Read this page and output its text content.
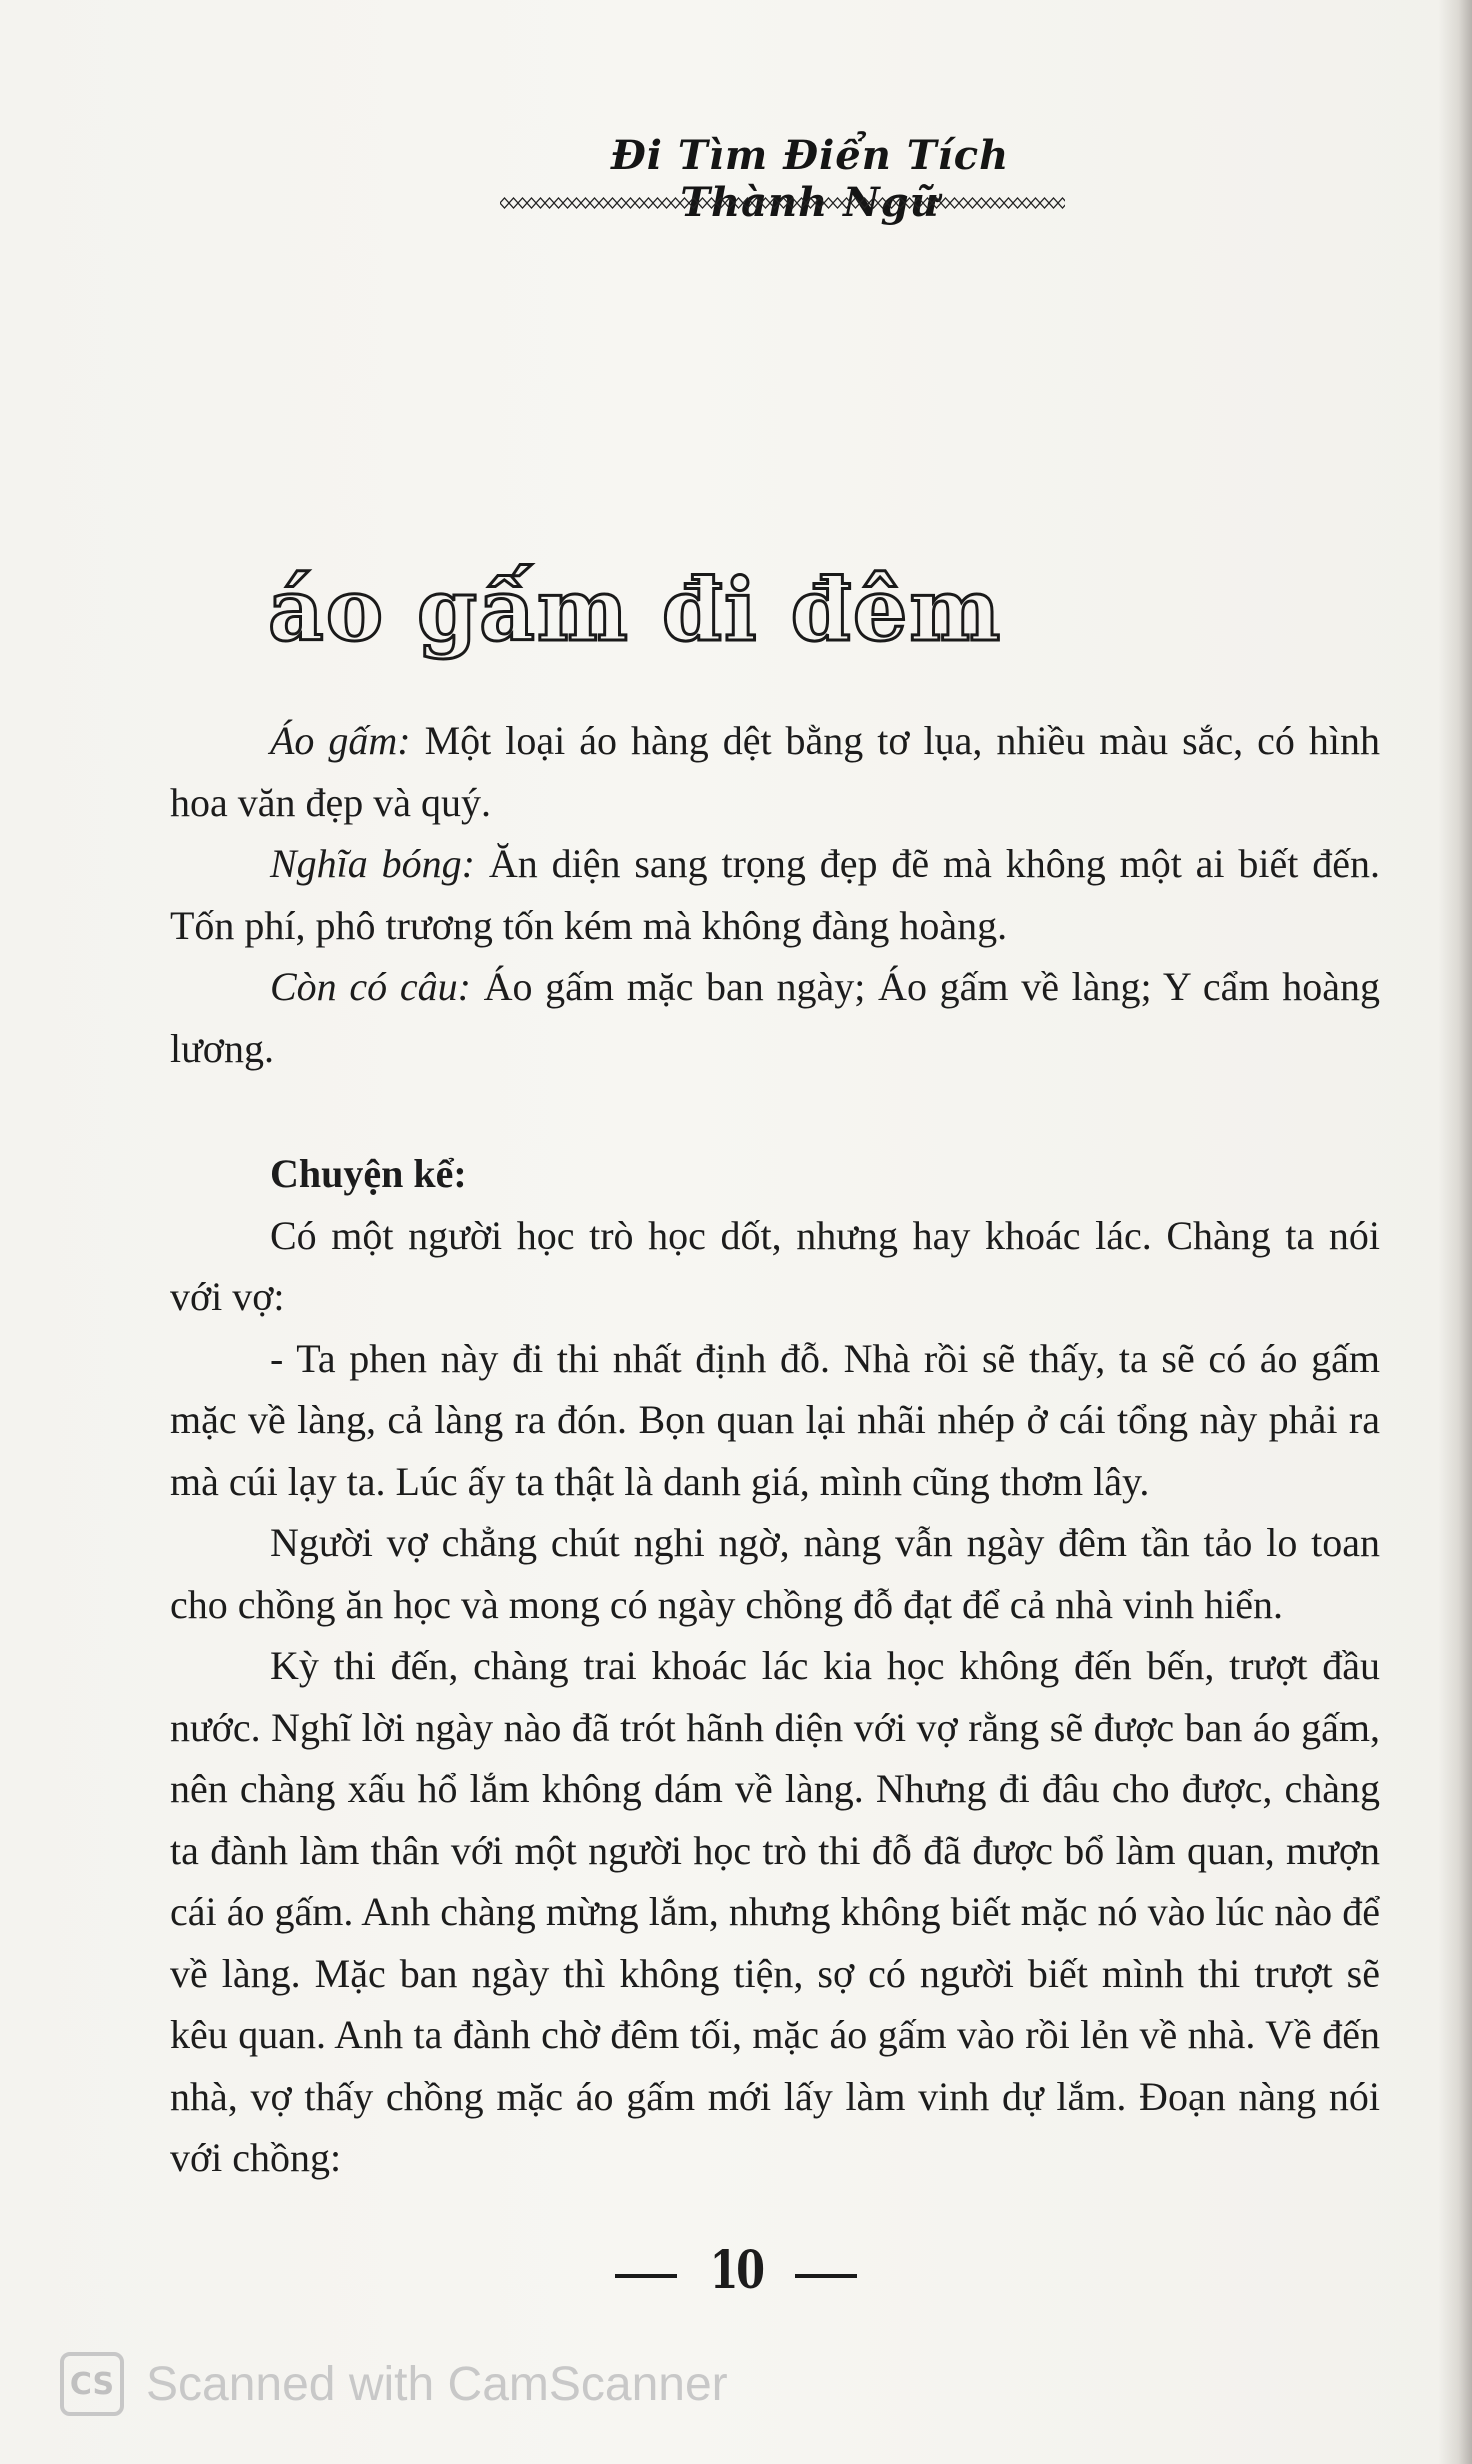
Đi Tìm Điển Tích
áo gấm đi đêm

Áo gấm: Một loại áo hàng dệt bằng tơ lụa, nhiều màu sắc, có hình hoa văn đẹp và quý.

Nghĩa bóng: Ăn diện sang trọng đẹp đẽ mà không một ai biết đến. Tốn phí, phô trương tốn kém mà không đàng hoàng.

Còn có câu: Áo gấm mặc ban ngày; Áo gấm về làng; Y cẩm hoàng lương.

Chuyện kể:

Có một người học trò học dốt, nhưng hay khoác lác. Chàng ta nói với vợ:

- Ta phen này đi thi nhất định đỗ. Nhà rồi sẽ thấy, ta sẽ có áo gấm mặc về làng, cả làng ra đón. Bọn quan lại nhãi nhép ở cái tổng này phải ra mà cúi lạy ta. Lúc ấy ta thật là danh giá, mình cũng thơm lây.

Người vợ chẳng chút nghi ngờ, nàng vẫn ngày đêm tần tảo lo toan cho chồng ăn học và mong có ngày chồng đỗ đạt để cả nhà vinh hiển.

Kỳ thi đến, chàng trai khoác lác kia học không đến bến, trượt đầu nước. Nghĩ lời ngày nào đã trót hãnh diện với vợ rằng sẽ được ban áo gấm, nên chàng xấu hổ lắm không dám về làng. Nhưng đi đâu cho được, chàng ta đành làm thân với một người học trò thi đỗ đã được bổ làm quan, mượn cái áo gấm. Anh chàng mừng lắm, nhưng không biết mặc nó vào lúc nào để về làng. Mặc ban ngày thì không tiện, sợ có người biết mình thi trượt sẽ kêu quan. Anh ta đành chờ đêm tối, mặc áo gấm vào rồi lẻn về nhà. Về đến nhà, vợ thấy chồng mặc áo gấm mới lấy làm vinh dự lắm. Đoạn nàng nói với chồng:

10
CS Scanned with CamScanner
